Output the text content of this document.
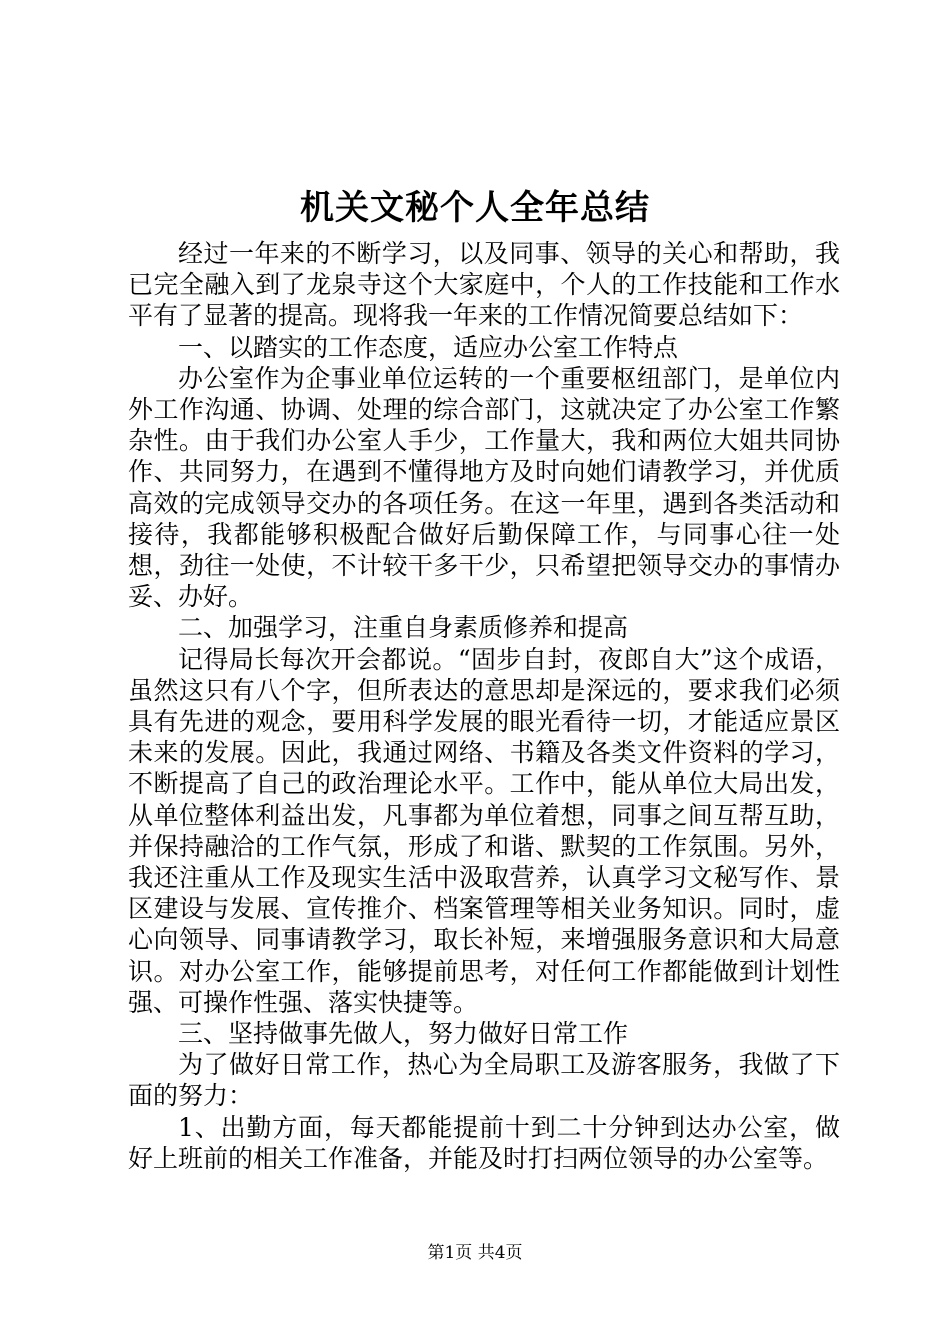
机关文秘个人全年总结

经过一年来的不断学习，以及同事、领导的关心和帮助，我已完全融入到了龙泉寺这个大家庭中，个人的工作技能和工作水平有了显著的提高。现将我一年来的工作情况简要总结如下：

一、以踏实的工作态度，适应办公室工作特点

办公室作为企事业单位运转的一个重要枢纽部门，是单位内外工作沟通、协调、处理的综合部门，这就决定了办公室工作繁杂性。由于我们办公室人手少，工作量大，我和两位大姐共同协作、共同努力，在遇到不懂得地方及时向她们请教学习，并优质高效的完成领导交办的各项任务。在这一年里，遇到各类活动和接待，我都能够积极配合做好后勤保障工作，与同事心往一处想，劲往一处使，不计较干多干少，只希望把领导交办的事情办妥、办好。

二、加强学习，注重自身素质修养和提高

记得局长每次开会都说。“固步自封，夜郎自大”这个成语，虽然这只有八个字，但所表达的意思却是深远的，要求我们必须具有先进的观念，要用科学发展的眼光看待一切，才能适应景区未来的发展。因此，我通过网络、书籍及各类文件资料的学习，不断提高了自己的政治理论水平。工作中，能从单位大局出发，从单位整体利益出发，凡事都为单位着想，同事之间互帮互助，并保持融洽的工作气氛，形成了和谐、默契的工作氛围。另外，我还注重从工作及现实生活中汲取营养，认真学习文秘写作、景区建设与发展、宣传推介、档案管理等相关业务知识。同时，虚心向领导、同事请教学习，取长补短，来增强服务意识和大局意识。对办公室工作，能够提前思考，对任何工作都能做到计划性强、可操作性强、落实快捷等。

三、坚持做事先做人，努力做好日常工作

为了做好日常工作，热心为全局职工及游客服务，我做了下面的努力：

1、出勤方面，每天都能提前十到二十分钟到达办公室，做好上班前的相关工作准备，并能及时打扫两位领导的办公室等。

第1页 共4页
